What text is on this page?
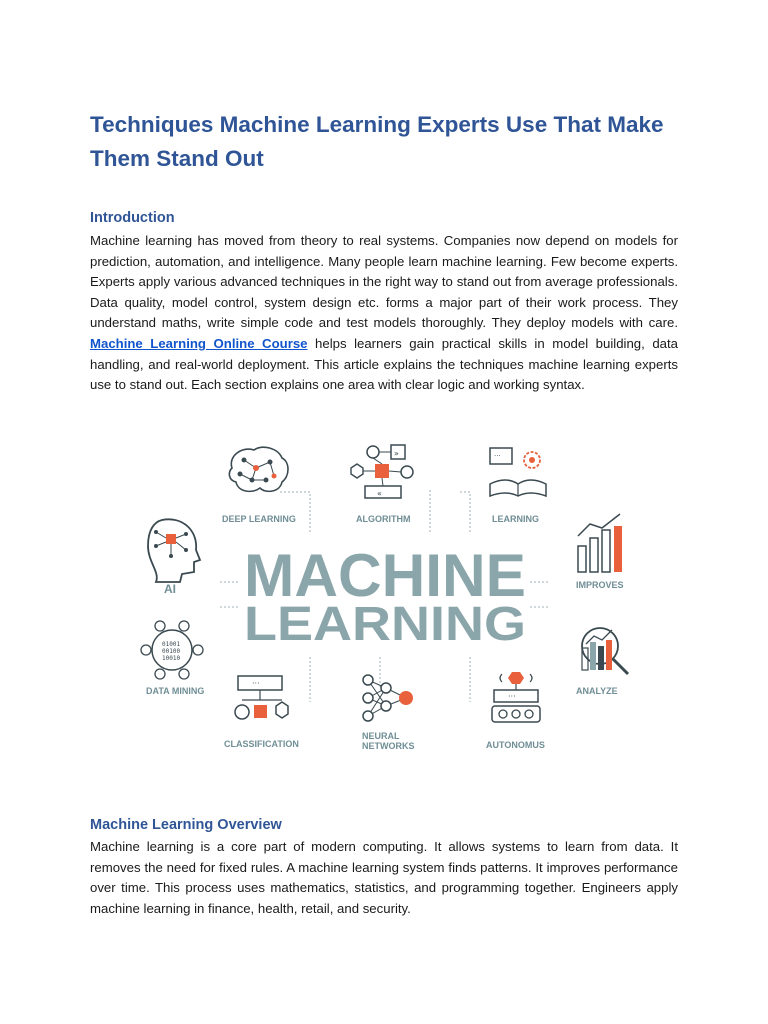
Techniques Machine Learning Experts Use That Make Them Stand Out
Introduction

Machine learning has moved from theory to real systems. Companies now depend on models for prediction, automation, and intelligence. Many people learn machine learning. Few become experts. Experts apply various advanced techniques in the right way to stand out from average professionals. Data quality, model control, system design etc. forms a major part of their work process. They understand maths, write simple code and test models thoroughly. They deploy models with care. Machine Learning Online Course helps learners gain practical skills in model building, data handling, and real-world deployment. This article explains the techniques machine learning experts use to stand out. Each section explains one area with clear logic and working syntax.

DEEP LEARNING
»
«
ALGORITHM
···
LEARNING
AI	IMPROVES
01001
00100
10010
DATA MINING	ANALYZE
···
CLASSIFICATION
NEURAL
NETWORKS
···
AUTONOMUS
MACHINE
LEARNING
Machine Learning Overview

Machine learning is a core part of modern computing. It allows systems to learn from data. It removes the need for fixed rules. A machine learning system finds patterns. It improves performance over time. This process uses mathematics, statistics, and programming together. Engineers apply machine learning in finance, health, retail, and security.
